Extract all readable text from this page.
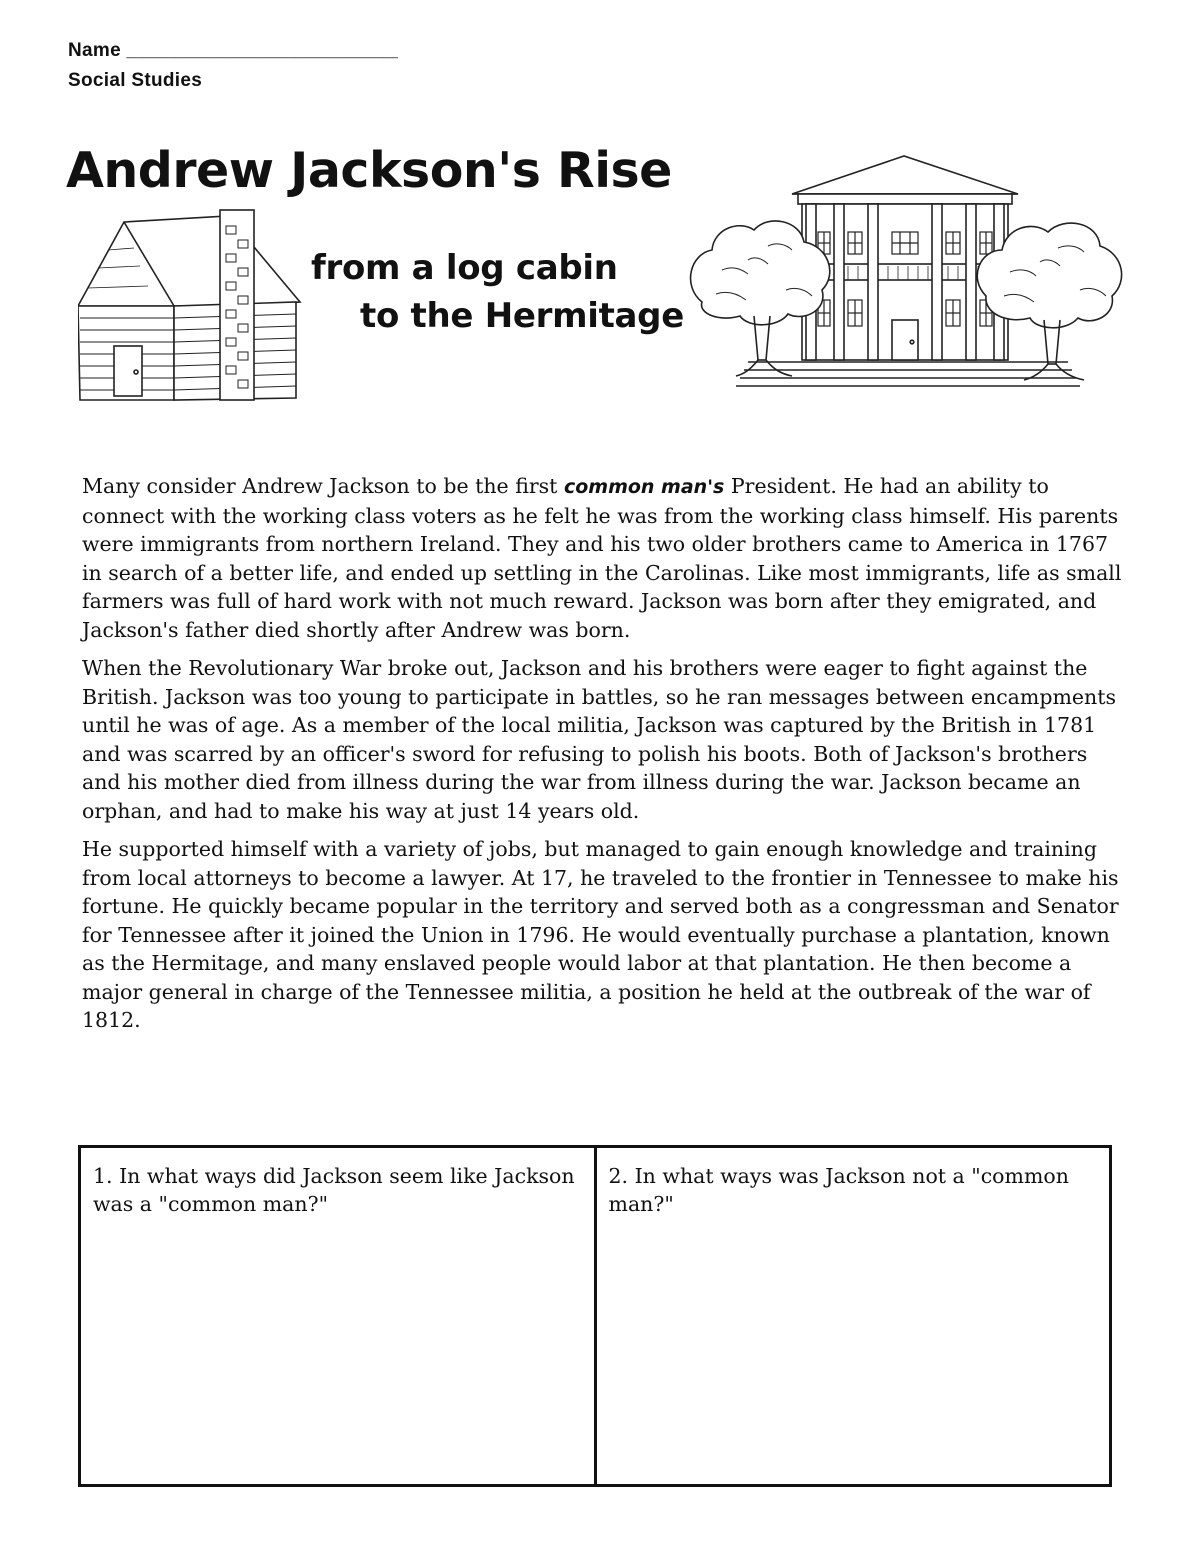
Name _________________________
Social Studies
Andrew Jackson's Rise
from a log cabin
to the Hermitage

Many consider Andrew Jackson to be the first common man's President. He had an ability to connect with the working class voters as he felt he was from the working class himself. His parents were immigrants from northern Ireland. They and his two older brothers came to America in 1767 in search of a better life, and ended up settling in the Carolinas. Like most immigrants, life as small farmers was full of hard work with not much reward. Jackson was born after they emigrated, and Jackson's father died shortly after Andrew was born.

When the Revolutionary War broke out, Jackson and his brothers were eager to fight against the British. Jackson was too young to participate in battles, so he ran messages between encampments until he was of age. As a member of the local militia, Jackson was captured by the British in 1781 and was scarred by an officer's sword for refusing to polish his boots. Both of Jackson's brothers and his mother died from illness during the war from illness during the war. Jackson became an orphan, and had to make his way at just 14 years old.

He supported himself with a variety of jobs, but managed to gain enough knowledge and training from local attorneys to become a lawyer. At 17, he traveled to the frontier in Tennessee to make his fortune. He quickly became popular in the territory and served both as a congressman and Senator for Tennessee after it joined the Union in 1796. He would eventually purchase a plantation, known as the Hermitage, and many enslaved people would labor at that plantation. He then become a major general in charge of the Tennessee militia, a position he held at the outbreak of the war of 1812.

1. In what ways did Jackson seem like Jackson was a "common man?"
2. In what ways was Jackson not a "common man?"
